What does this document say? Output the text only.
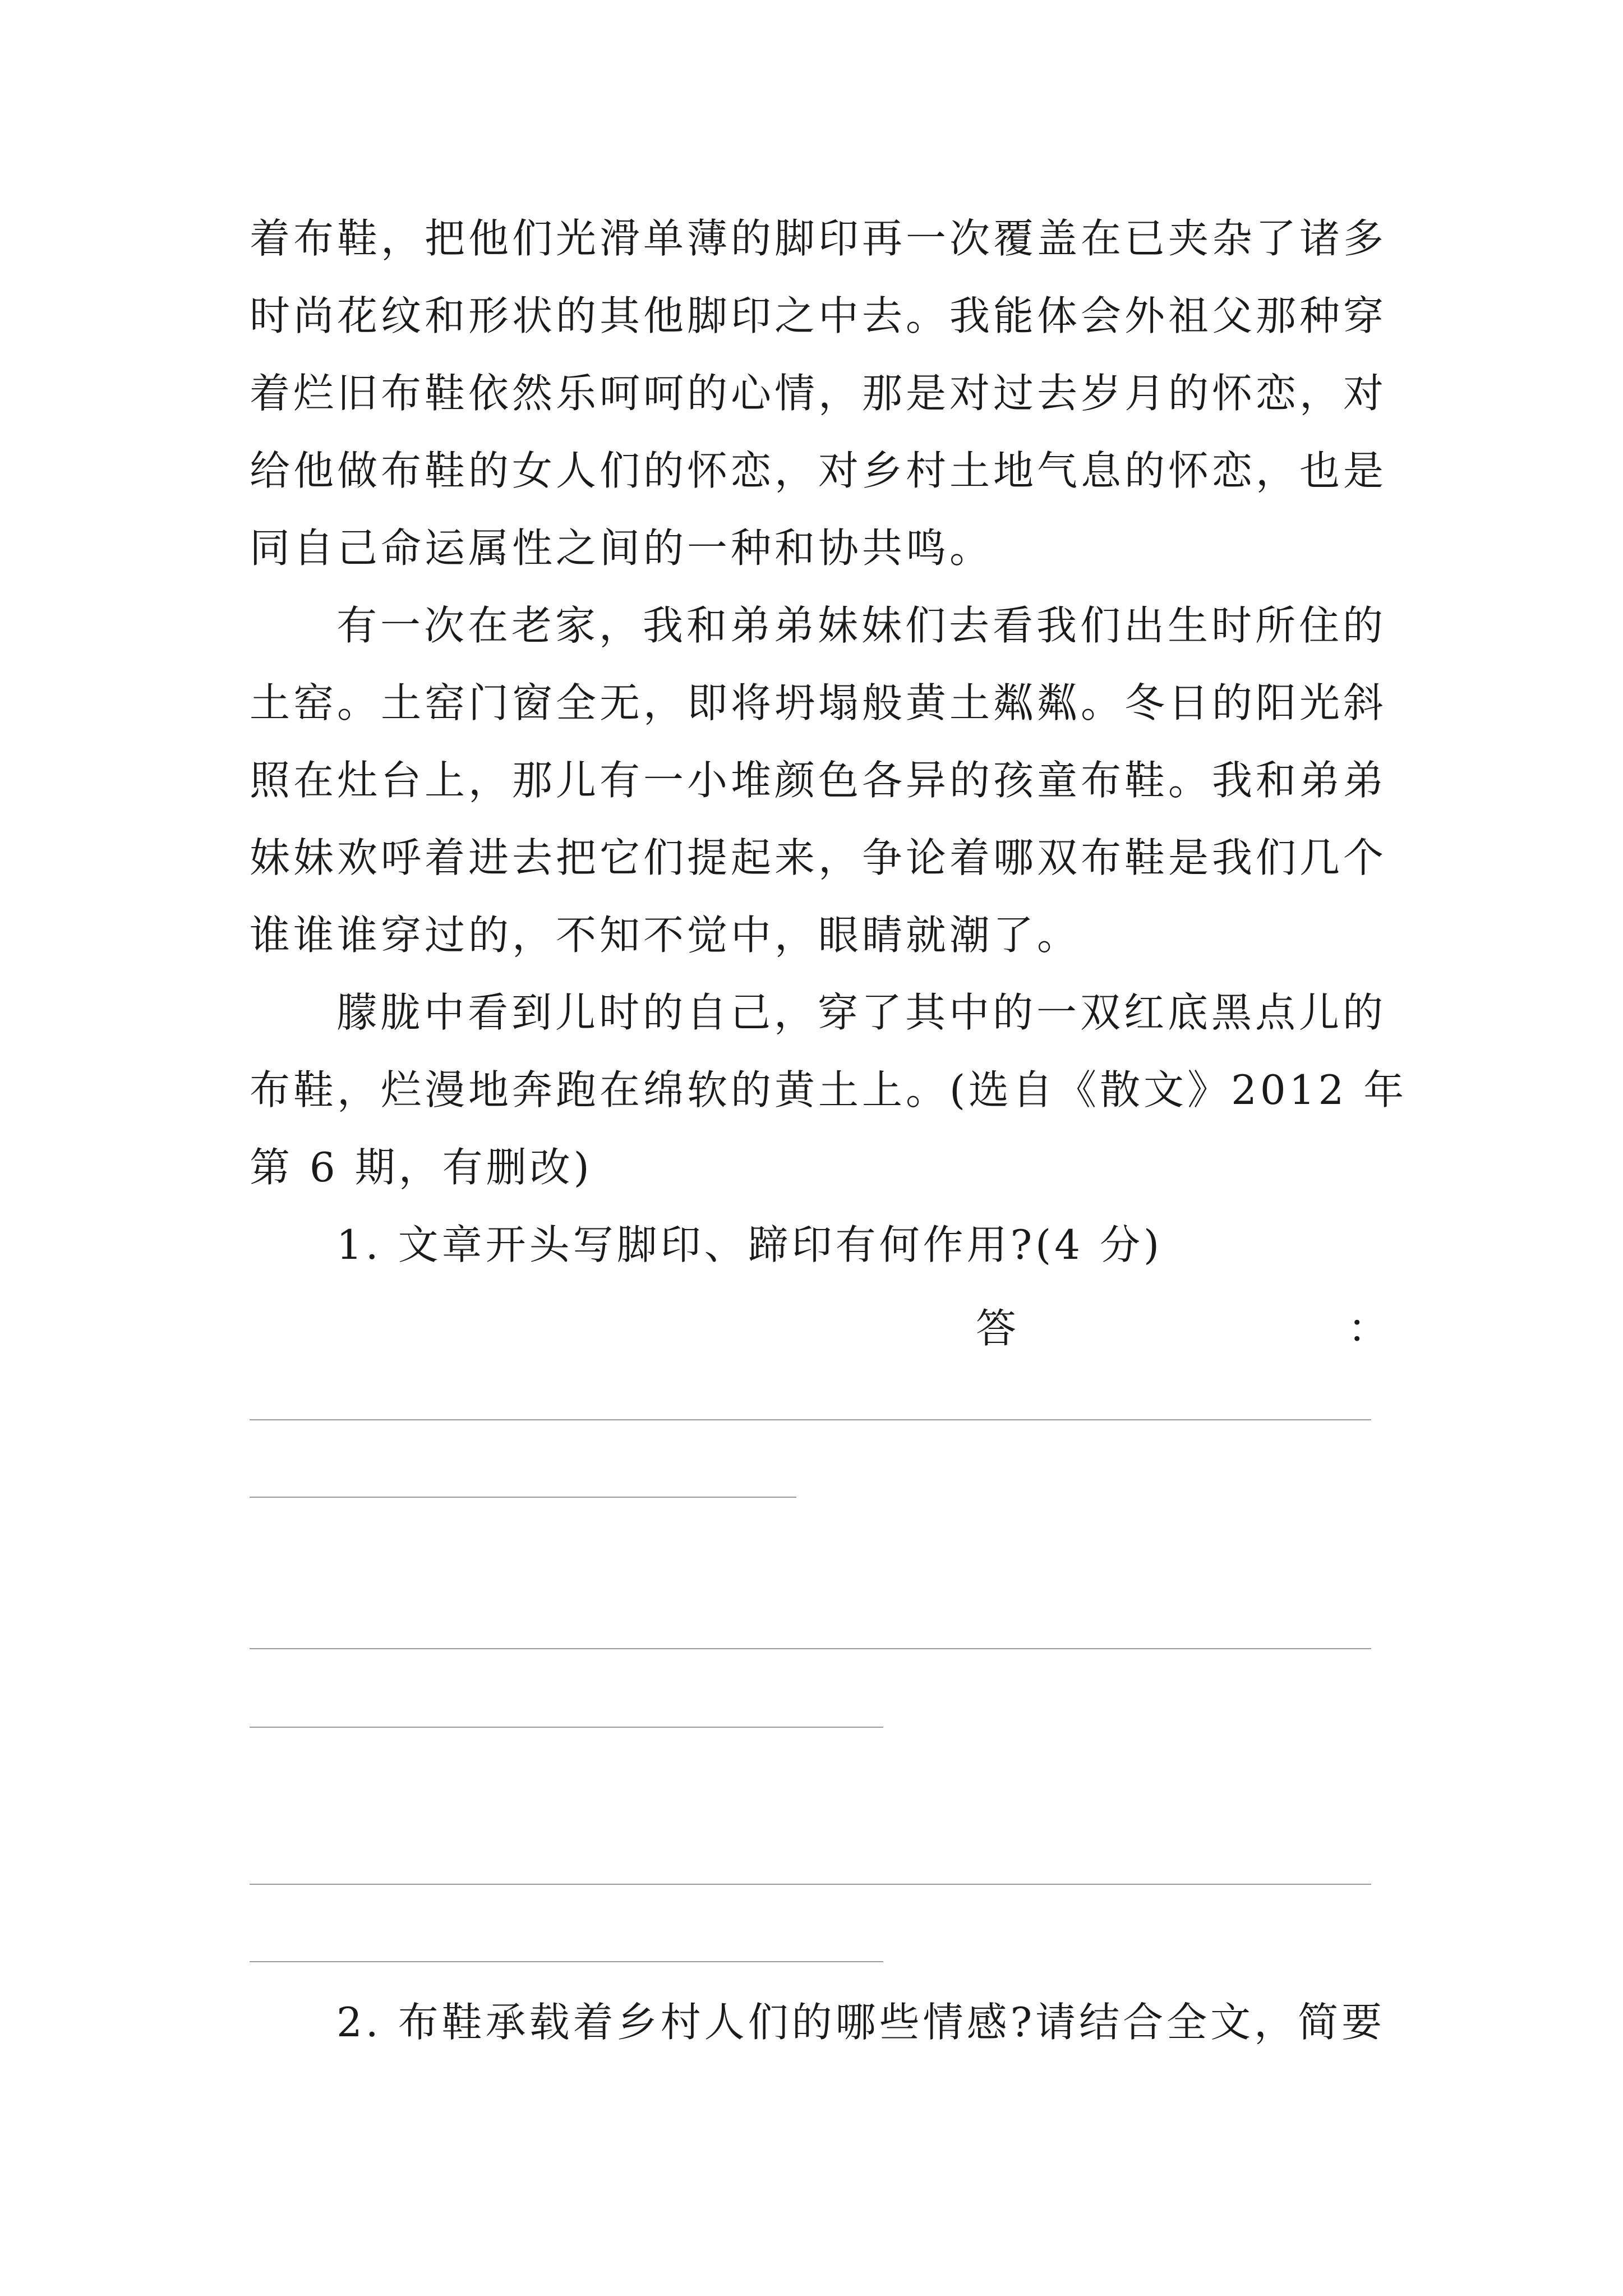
着布鞋，把他们光滑单薄的脚印再一次覆盖在已夹杂了诸多
时尚花纹和形状的其他脚印之中去。我能体会外祖父那种穿
着烂旧布鞋依然乐呵呵的心情，那是对过去岁月的怀恋，对
给他做布鞋的女人们的怀恋，对乡村土地气息的怀恋，也是
同自己命运属性之间的一种和协共鸣。
有一次在老家，我和弟弟妹妹们去看我们出生时所住的
土窑。土窑门窗全无，即将坍塌般黄土粼粼。冬日的阳光斜
照在灶台上，那儿有一小堆颜色各异的孩童布鞋。我和弟弟
妹妹欢呼着进去把它们提起来，争论着哪双布鞋是我们几个
谁谁谁穿过的，不知不觉中，眼睛就潮了。
朦胧中看到儿时的自己，穿了其中的一双红底黑点儿的
布鞋，烂漫地奔跑在绵软的黄土上。(选自《散文》2012 年
第 6 期，有删改)
1. 文章开头写脚印、蹄印有何作用?(4 分)
答	：
2. 布鞋承载着乡村人们的哪些情感?请结合全文，简要
